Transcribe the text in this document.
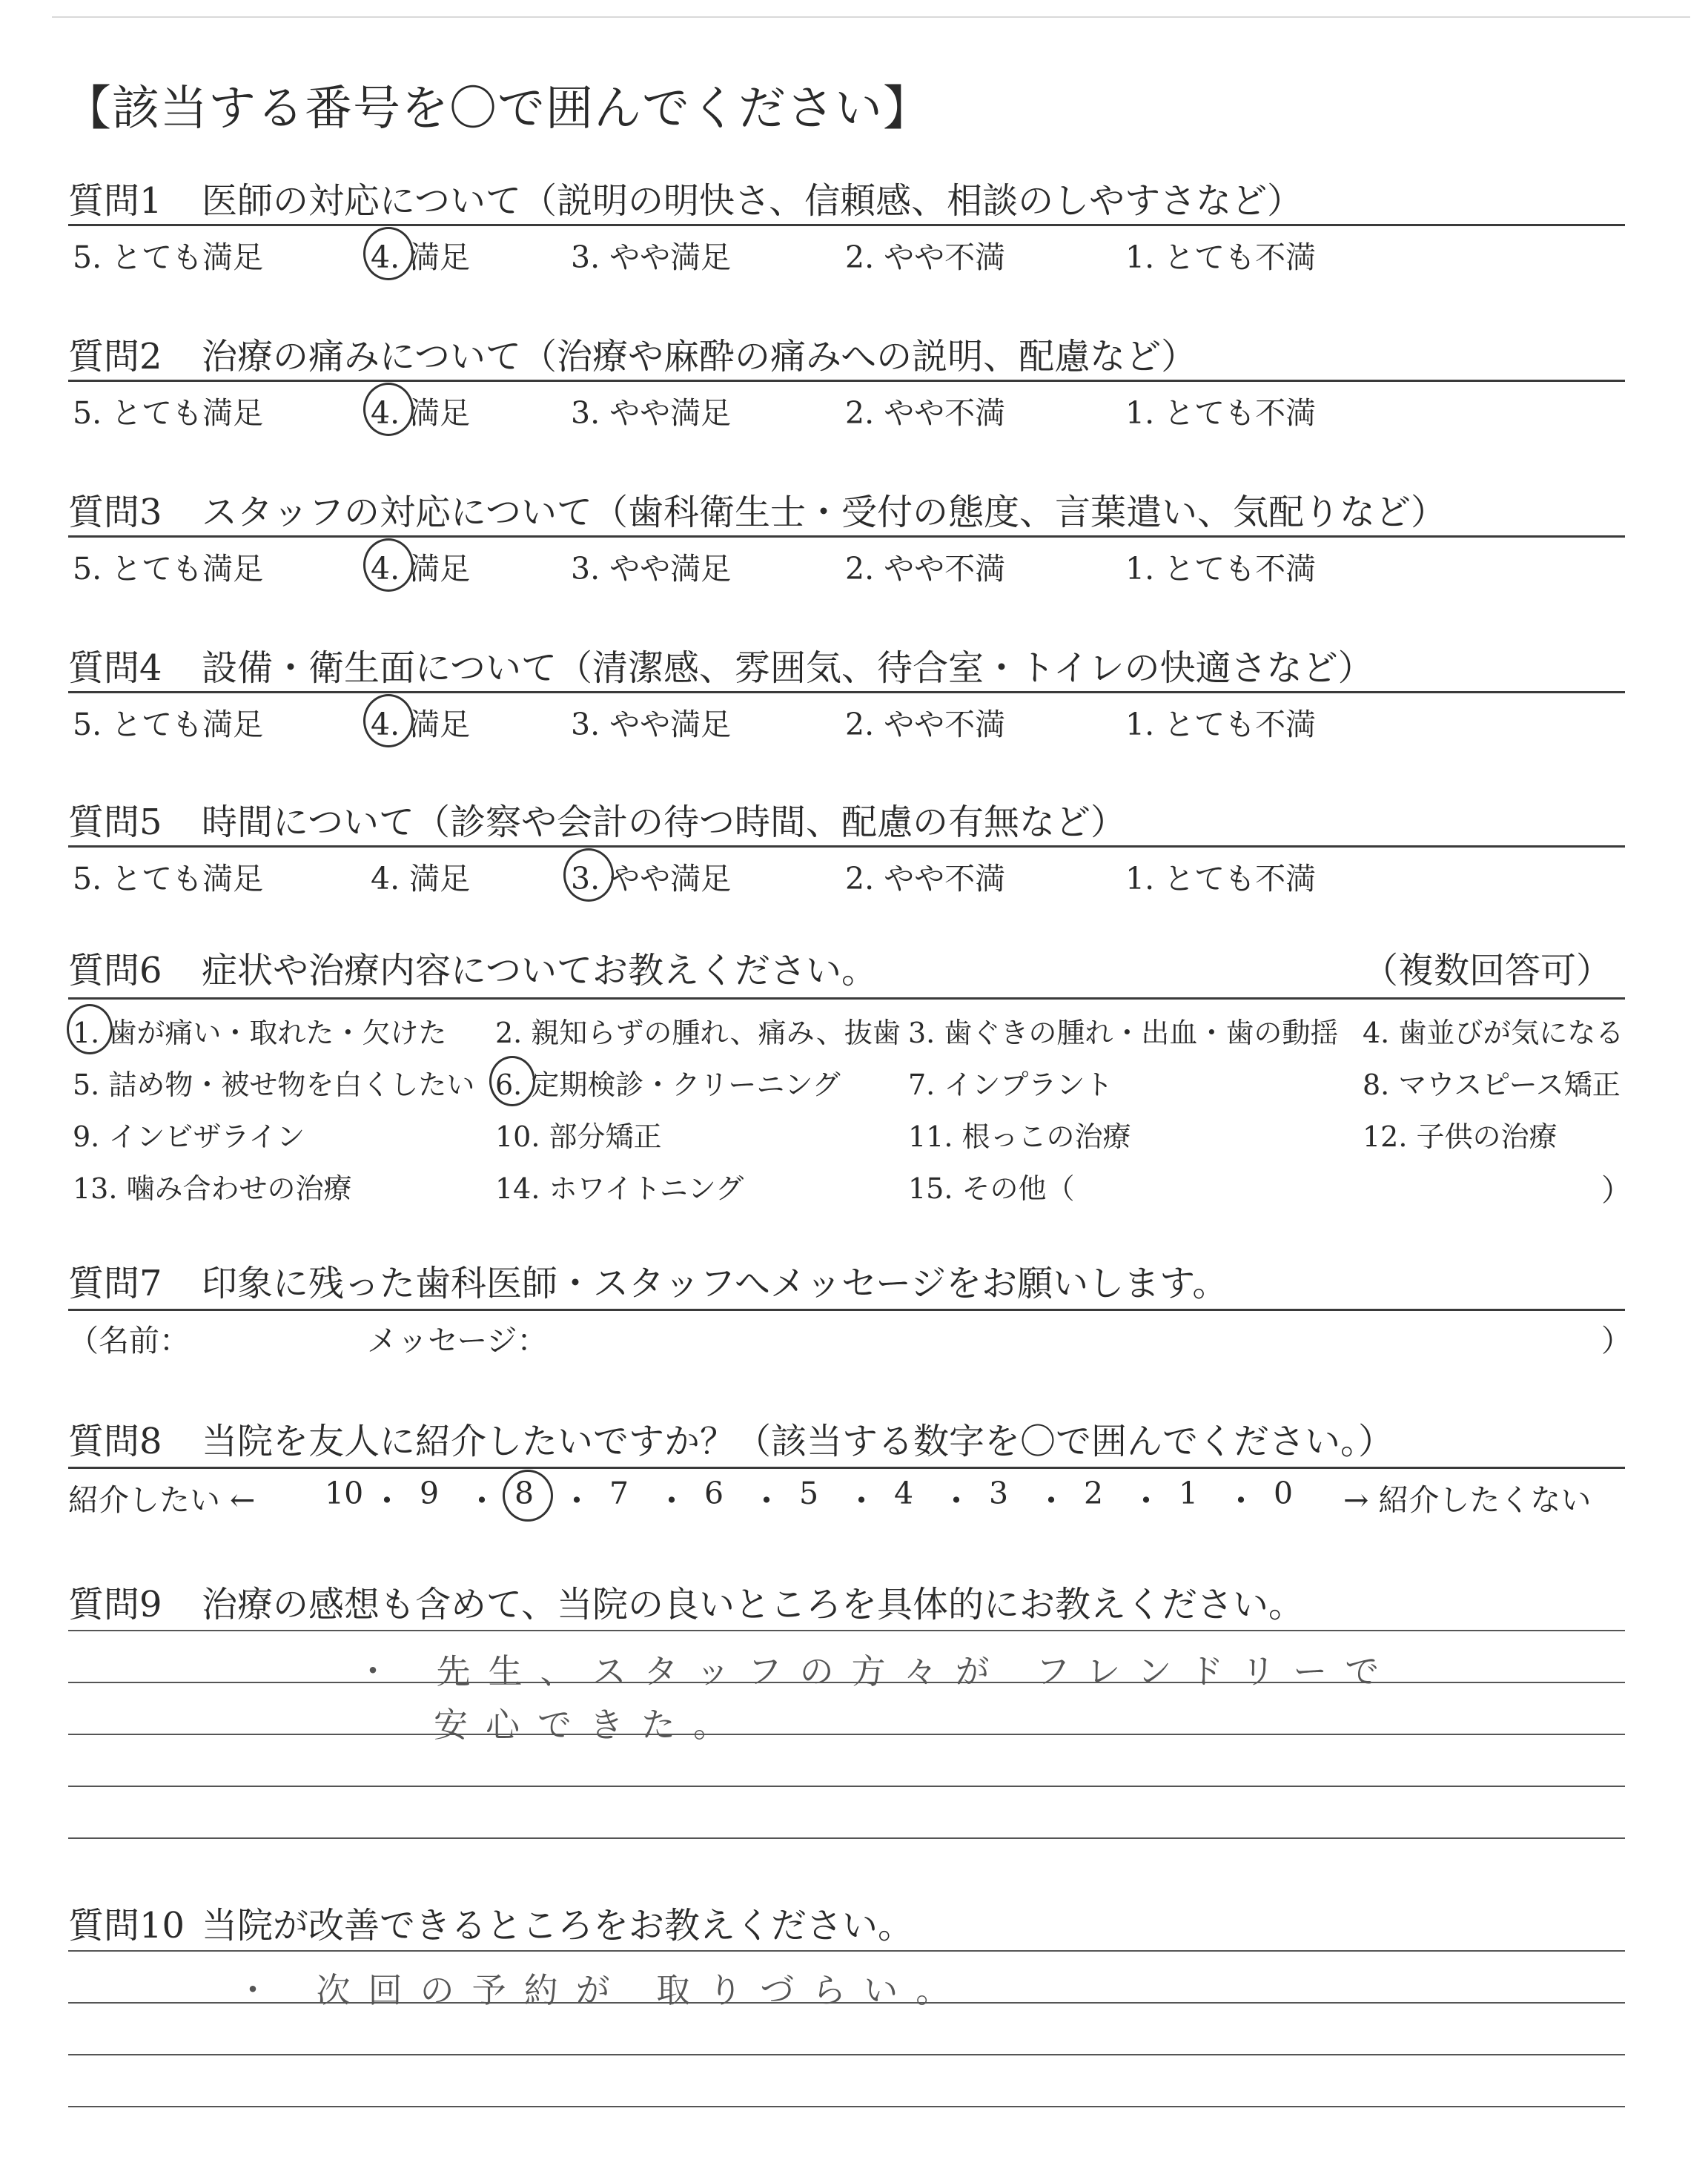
【該当する番号を〇で囲んでください】
質問1 医師の対応について（説明の明快さ、信頼感、相談のしやすさなど）
5. とても満足	4. 満足	3. やや満足	2. やや不満	1. とても不満
質問2 治療の痛みについて（治療や麻酔の痛みへの説明、配慮など）
5. とても満足	4. 満足	3. やや満足	2. やや不満	1. とても不満
質問3 スタッフの対応について（歯科衛生士・受付の態度、言葉遣い、気配りなど）
5. とても満足	4. 満足	3. やや満足	2. やや不満	1. とても不満
質問4 設備・衛生面について（清潔感、雰囲気、待合室・トイレの快適さなど）
5. とても満足	4. 満足	3. やや満足	2. やや不満	1. とても不満
質問5 時間について（診察や会計の待つ時間、配慮の有無など）
5. とても満足	4. 満足	3. やや満足	2. やや不満	1. とても不満
質問6 症状や治療内容についてお教えください。	（複数回答可）
1. 歯が痛い・取れた・欠けた 2. 親知らずの腫れ、痛み、抜歯 3. 歯ぐきの腫れ・出血・歯の動揺 4. 歯並びが気になる
5. 詰め物・被せ物を白くしたい 6. 定期検診・クリーニング 7. インプラント	8. マウスピース矯正
9. インビザライン	10. 部分矯正	11. 根っこの治療	12. 子供の治療
13. 噛み合わせの治療	14. ホワイトニング	15. その他（	）
質問7 印象に残った歯科医師・スタッフへメッセージをお願いします。
（名前：	メッセージ：	）
質問8 当院を友人に紹介したいですか？（該当する数字を〇で囲んでください。）
紹介したい ← 10 ・ 9 ・ 8 ・ 7 ・ 6 ・ 5 ・ 4 ・ 3 ・ 2 ・ 1 ・ 0 → 紹介したくない
質問9 治療の感想も含めて、当院の良いところを具体的にお教えください。
・ 先生、スタッフの方々が フレンドリーで
安心できた。
質問10 当院が改善できるところをお教えください。
・ 次回の予約が 取りづらい。
